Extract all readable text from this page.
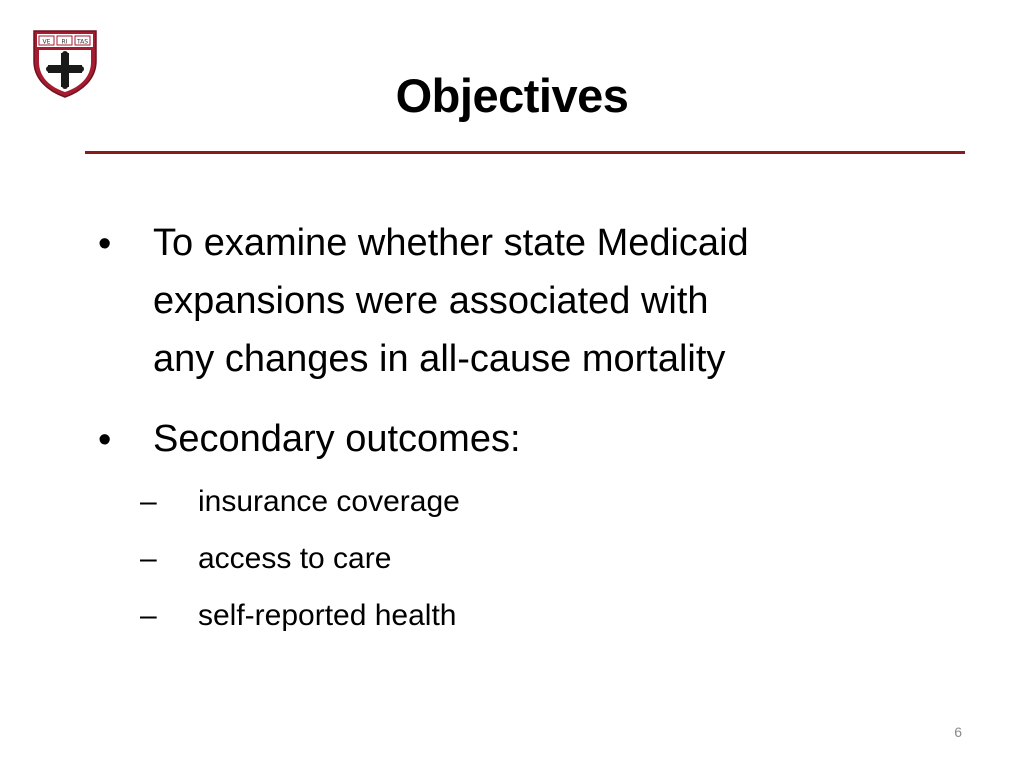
VE RI TAS
Objectives
• To examine whether state Medicaid
expansions were associated with
any changes in all-cause mortality
• Secondary outcomes:
– insurance coverage
– access to care
– self-reported health
6
